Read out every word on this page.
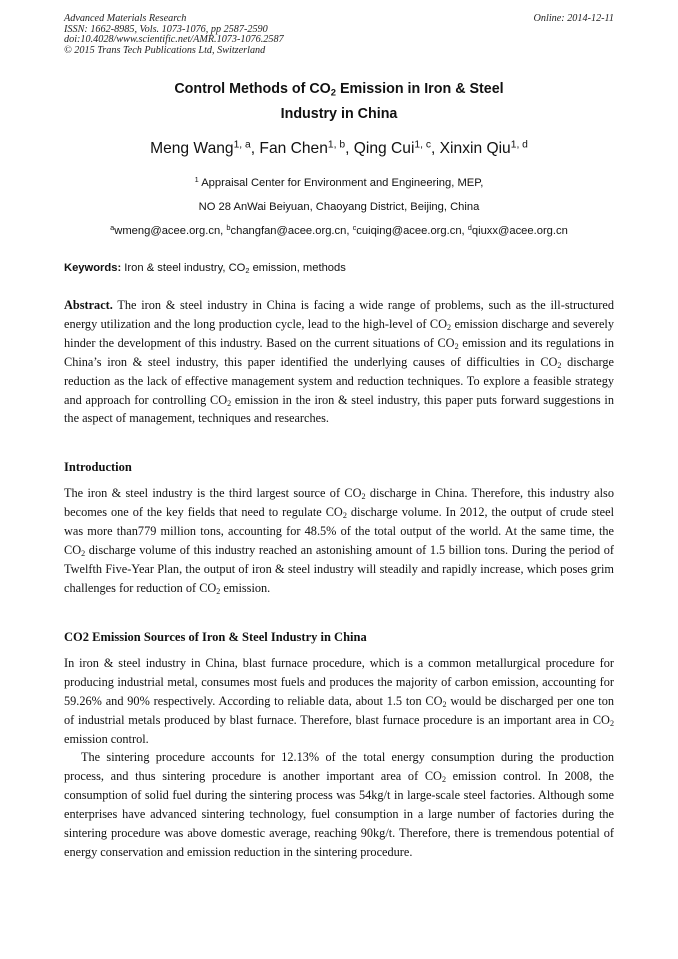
Advanced Materials Research
ISSN: 1662-8985, Vols. 1073-1076, pp 2587-2590
doi:10.4028/www.scientific.net/AMR.1073-1076.2587
© 2015 Trans Tech Publications Ltd, Switzerland
Online: 2014-12-11
Control Methods of $CO_2$ Emission in Iron & Steel
Industry in China
Meng Wang$^{1, a}$, Fan Chen$^{1, b}$, Qing Cui$^{1, c}$, Xinxin Qiu$^{1, d}$
$^1$ Appraisal Center for Environment and Engineering, MEP,
NO 28 AnWai Beiyuan, Chaoyang District, Beijing, China
$^a$wmeng@acee.org.cn, $^b$changfan@acee.org.cn, $^c$cuiqing@acee.org.cn, $^d$qiuxx@acee.org.cn
Keywords: Iron & steel industry, $CO_2$ emission, methods

Abstract. The iron & steel industry in China is facing a wide range of problems, such as the ill-structured energy utilization and the long production cycle, lead to the high-level of $CO_2$ emission discharge and severely hinder the development of this industry. Based on the current situations of $CO_2$ emission and its regulations in China’s iron & steel industry, this paper identified the underlying causes of difficulties in $CO_2$ discharge reduction as the lack of effective management system and reduction techniques. To explore a feasible strategy and approach for controlling $CO_2$ emission in the iron & steel industry, this paper puts forward suggestions in the aspect of management, techniques and researches.

Introduction

The iron & steel industry is the third largest source of $CO_2$ discharge in China. Therefore, this industry also becomes one of the key fields that need to regulate $CO_2$ discharge volume. In 2012, the output of crude steel was more than779 million tons, accounting for 48.5% of the total output of the world. At the same time, the $CO_2$ discharge volume of this industry reached an astonishing amount of 1.5 billion tons. During the period of Twelfth Five-Year Plan, the output of iron & steel industry will steadily and rapidly increase, which poses grim challenges for reduction of $CO_2$ emission.

CO2 Emission Sources of Iron & Steel Industry in China

In iron & steel industry in China, blast furnace procedure, which is a common metallurgical procedure for producing industrial metal, consumes most fuels and produces the majority of carbon emission, accounting for 59.26% and 90% respectively. According to reliable data, about 1.5 ton $CO_2$ would be discharged per one ton of industrial metals produced by blast furnace. Therefore, blast furnace procedure is an important area in $CO_2$ emission control.

The sintering procedure accounts for 12.13% of the total energy consumption during the production process, and thus sintering procedure is another important area of $CO_2$ emission control. In 2008, the consumption of solid fuel during the sintering process was 54kg/t in large-scale steel factories. Although some enterprises have advanced sintering technology, fuel consumption in a large number of factories during the sintering procedure was above domestic average, reaching 90kg/t. Therefore, there is tremendous potential of energy conservation and emission reduction in the sintering procedure.
